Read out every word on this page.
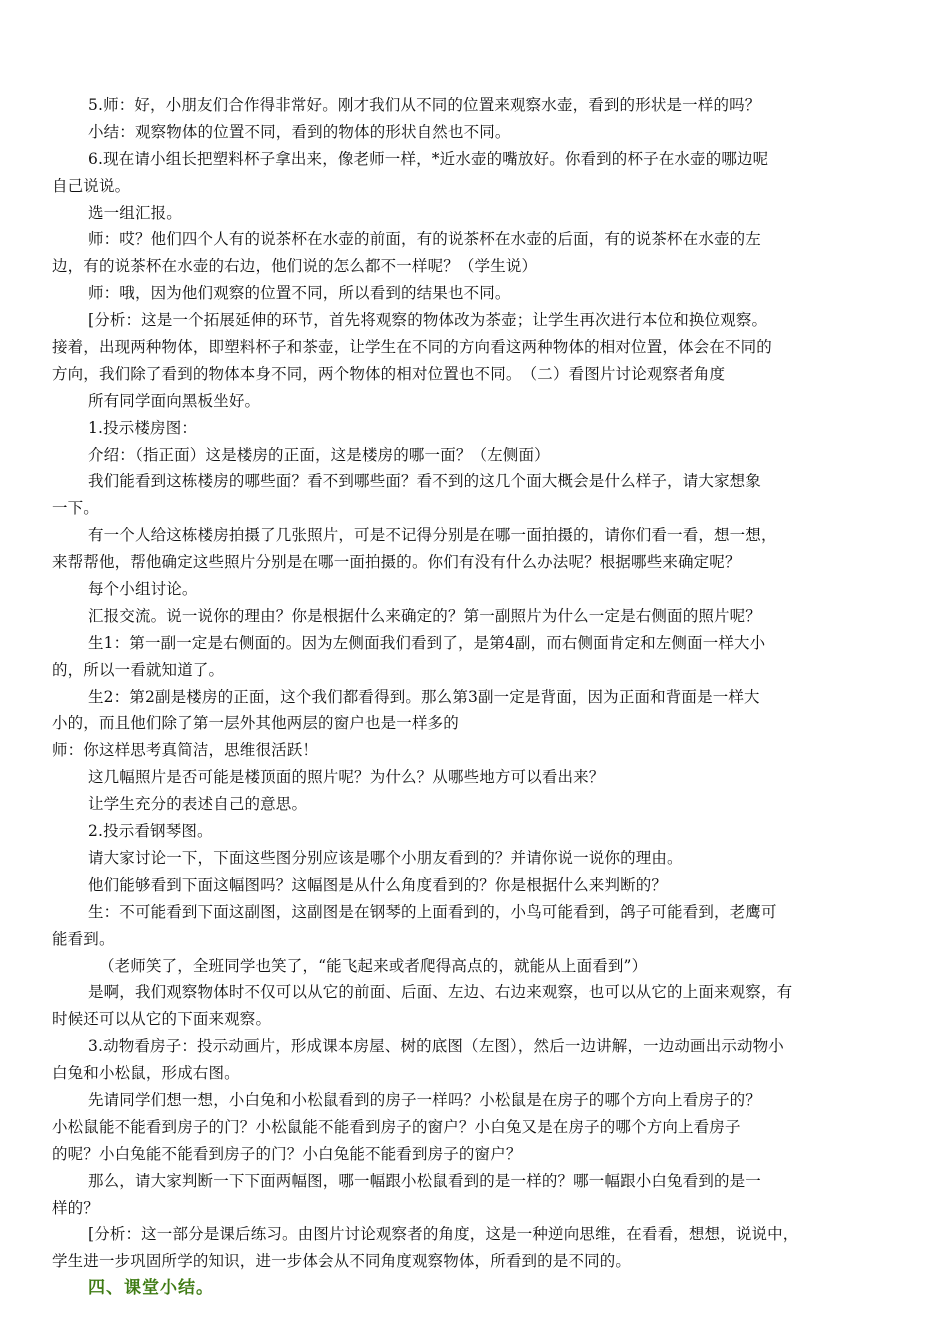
5.师：好，小朋友们合作得非常好。刚才我们从不同的位置来观察水壶，看到的形状是一样的吗？
小结：观察物体的位置不同，看到的物体的形状自然也不同。
6.现在请小组长把塑料杯子拿出来，像老师一样，*近水壶的嘴放好。你看到的杯子在水壶的哪边呢
自己说说。
选一组汇报。
师：哎？他们四个人有的说茶杯在水壶的前面，有的说茶杯在水壶的后面，有的说茶杯在水壶的左
边，有的说茶杯在水壶的右边，他们说的怎么都不一样呢？（学生说）
师：哦，因为他们观察的位置不同，所以看到的结果也不同。
[分析：这是一个拓展延伸的环节，首先将观察的物体改为茶壶；让学生再次进行本位和换位观察。
接着，出现两种物体，即塑料杯子和茶壶，让学生在不同的方向看这两种物体的相对位置，体会在不同的
方向，我们除了看到的物体本身不同，两个物体的相对位置也不同。　（二）看图片讨论观察者角度
所有同学面向黑板坐好。
1.投示楼房图：
介绍：（指正面）这是楼房的正面，这是楼房的哪一面？（左侧面）
我们能看到这栋楼房的哪些面？看不到哪些面？看不到的这几个面大概会是什么样子，请大家想象
一下。
有一个人给这栋楼房拍摄了几张照片，可是不记得分别是在哪一面拍摄的，请你们看一看，想一想，
来帮帮他，帮他确定这些照片分别是在哪一面拍摄的。你们有没有什么办法呢？根据哪些来确定呢？
每个小组讨论。
汇报交流。说一说你的理由？你是根据什么来确定的？第一副照片为什么一定是右侧面的照片呢？
生1：第一副一定是右侧面的。因为左侧面我们看到了，是第4副，而右侧面肯定和左侧面一样大小
的，所以一看就知道了。
生2：第2副是楼房的正面，这个我们都看得到。那么第3副一定是背面，因为正面和背面是一样大
小的，而且他们除了第一层外其他两层的窗户也是一样多的
师：你这样思考真简洁，思维很活跃！
这几幅照片是否可能是楼顶面的照片呢？为什么？从哪些地方可以看出来？
让学生充分的表述自己的意思。
2.投示看钢琴图。
请大家讨论一下，下面这些图分别应该是哪个小朋友看到的？并请你说一说你的理由。
他们能够看到下面这幅图吗？这幅图是从什么角度看到的？你是根据什么来判断的？
生：不可能看到下面这副图，这副图是在钢琴的上面看到的，小鸟可能看到，鸽子可能看到，老鹰可
能看到。
（老师笑了，全班同学也笑了，“能飞起来或者爬得高点的，就能从上面看到”）
是啊，我们观察物体时不仅可以从它的前面、后面、左边、右边来观察，也可以从它的上面来观察，有
时候还可以从它的下面来观察。
3.动物看房子：投示动画片，形成课本房屋、树的底图（左图），然后一边讲解，一边动画出示动物小
白兔和小松鼠，形成右图。
先请同学们想一想，小白兔和小松鼠看到的房子一样吗？小松鼠是在房子的哪个方向上看房子的？
小松鼠能不能看到房子的门？小松鼠能不能看到房子的窗户？小白兔又是在房子的哪个方向上看房子
的呢？小白兔能不能看到房子的门？小白兔能不能看到房子的窗户？
那么，请大家判断一下下面两幅图，哪一幅跟小松鼠看到的是一样的？哪一幅跟小白兔看到的是一
样的？
[分析：这一部分是课后练习。由图片讨论观察者的角度，这是一种逆向思维，在看看，想想，说说中，
学生进一步巩固所学的知识，进一步体会从不同角度观察物体，所看到的是不同的。
四、课堂小结。
